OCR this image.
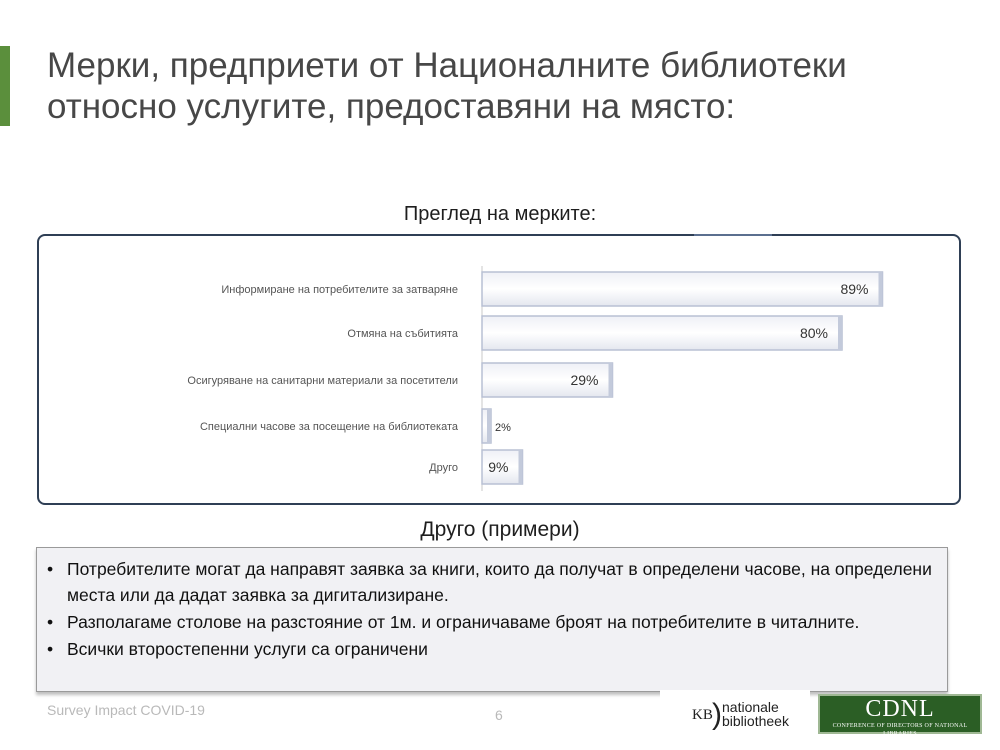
Мерки, предприети от Националните библиотеки относно услугите, предоставяни на място:
Преглед на мерките:
Информиране на потребителите за затваряне	89%
Отмяна на събитията	80%
Осигуряване на санитарни материали за посетители	29%
Специални часове за посещение на библиотеката	2%
Друго 9%
Друго (примери)
• Потребителите могат да направят заявка за книги, които да получат в определени часове, на определени места или да дадат заявка за дигитализиране.
• Разполагаме столове на разстояние от 1м. и ограничаваме броят на потребителите в читалните.
• Всички второстепенни услуги са ограничени
Survey Impact COVID-19	6	KB ) nationale
bibliotheek	CDNL
CONFERENCE OF DIRECTORS OF NATIONAL LIBRARIES
